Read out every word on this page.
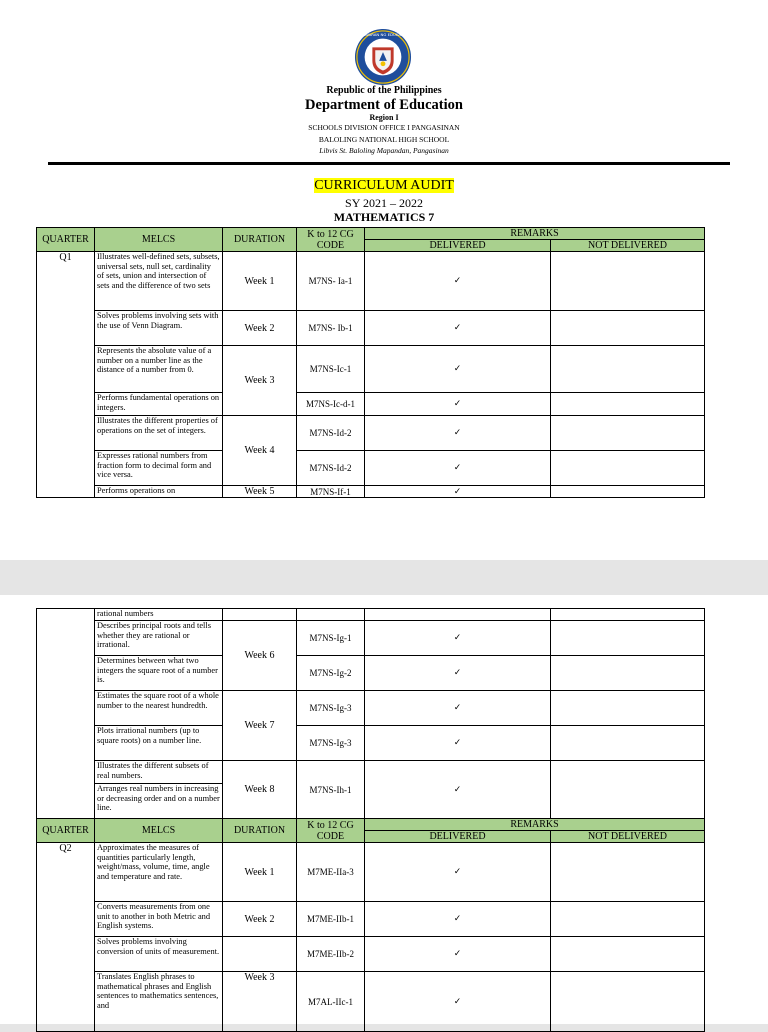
KAGAWARAN NG EDUKASYON
Republic of the Philippines
Department of Education
Region I
SCHOOLS DIVISION OFFICE I PANGASINAN
BALOLING NATIONAL HIGH SCHOOL
Libvis St. Baloling Mapandan, Pangasinan
CURRICULUM AUDIT
SY 2021 – 2022
MATHEMATICS 7
QUARTER	MELCS	DURATION	K to 12 CG CODE	REMARKS	
				DELIVERED	NOT DELIVERED
Q1	Illustrates well-defined sets, subsets, universal sets, null set, cardinality of sets, union and intersection of sets and the difference of two sets	Week 1	M7NS- Ia-1	✓	
	Solves problems involving sets with the use of Venn Diagram.	Week 2	M7NS- Ib-1	✓	
	Represents the absolute value of a number on a number line as the distance of a number from 0.	Week 3	M7NS-Ic-1	✓	
	Performs fundamental operations on integers.		M7NS-Ic-d-1	✓	
	Illustrates the different properties of operations on the set of integers.	Week 4	M7NS-Id-2	✓	
	Expresses rational numbers from fraction form to decimal form and vice versa.		M7NS-Id-2	✓	
	Performs operations on	Week 5	M7NS-If-1	✓	
	rational numbers				
	Describes principal roots and tells whether they are rational or irrational.	Week 6	M7NS-Ig-1	✓	
	Determines between what two integers the square root of a number is.		M7NS-Ig-2	✓	
	Estimates the square root of a whole number to the nearest hundredth.	Week 7	M7NS-Ig-3	✓	
	Plots irrational numbers (up to square roots) on a number line.		M7NS-Ig-3	✓	
	Illustrates the different subsets of real numbers.	Week 8	M7NS-Ih-1	✓	
	Arranges real numbers in increasing or decreasing order and on a number line.				
QUARTER	MELCS	DURATION	K to 12 CG CODE	REMARKS	
				DELIVERED	NOT DELIVERED
Q2	Approximates the measures of quantities particularly length, weight/mass, volume, time, angle and temperature and rate.	Week 1	M7ME-IIa-3	✓	
	Converts measurements from one unit to another in both Metric and English systems.	Week 2	M7ME-IIb-1	✓	
	Solves problems involving conversion of units of measurement.		M7ME-IIb-2	✓	
	Translates English phrases to mathematical phrases and English sentences to mathematics sentences, and	Week 3	M7AL-IIc-1	✓	
